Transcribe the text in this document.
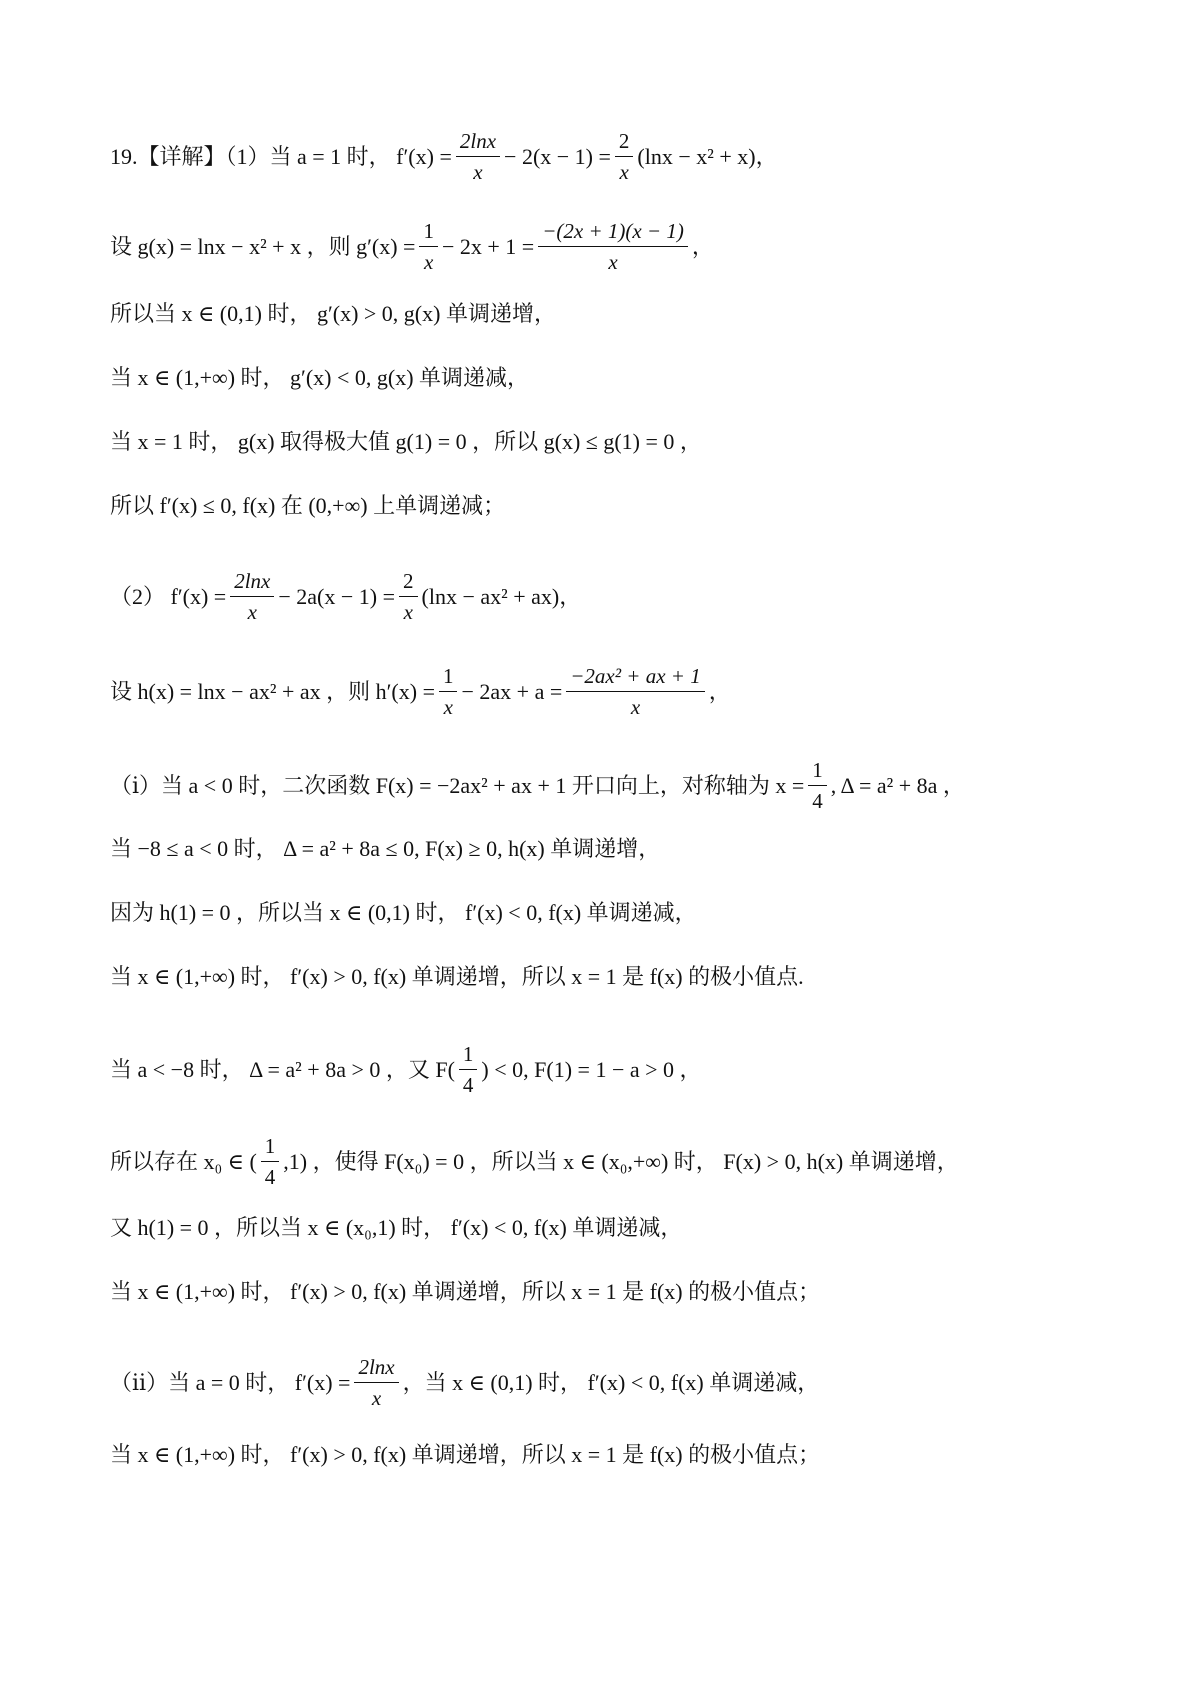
19.【详解】（1）当 a = 1 时， $f'(x) = \frac{2\ln x}{x} - 2(x - 1) = \frac{2}{x} (\ln x - x^2 + x)$，
设 g(x) = lnx − x² + x ，则 $g'(x) = \frac{1}{x} - 2x + 1 = \frac{-(2x + 1)(x - 1)}{x}$ ，
所以当 x ∈ (0,1) 时， g′(x) > 0, g(x) 单调递增，
当 x ∈ (1,+∞) 时， g′(x) < 0, g(x) 单调递减，
当 x = 1 时， g(x) 取得极大值 g(1) = 0 ，所以 g(x) ≤ g(1) = 0 ，
所以 f′(x) ≤ 0, f(x) 在 (0,+∞) 上单调递减；
（2） $f'(x) = \frac{2\ln x}{x} - 2a(x - 1) = \frac{2}{x} (\ln x - ax^2 + ax)$，
设 h(x) = lnx − ax² + ax ，则 $h'(x) = \frac{1}{x} - 2ax + a = \frac{\text{−2ax² + ax + 1}}{x}$ ，
（ⅰ）当 a < 0 时，二次函数 F(x) = −2ax² + ax + 1 开口向上，对称轴为 $x = \frac{1}{4}$ , Δ = a² + 8a ，
当 −8 ≤ a < 0 时， Δ = a² + 8a ≤ 0, F(x) ≥ 0, h(x) 单调递增，
因为 h(1) = 0 ，所以当 x ∈ (0,1) 时， f′(x) < 0, f(x) 单调递减，
当 x ∈ (1,+∞) 时， f′(x) > 0, f(x) 单调递增，所以 x = 1 是 f(x) 的极小值点.
当 a < −8 时， Δ = a² + 8a > 0 ，又 $F( \frac{1}{4}$ ) < 0, F(1) = 1 − a > 0 ，
所以存在 x₀ ∈ ( $\frac{1}{4} ,1$) ，使得 F(x₀) = 0 ，所以当 x ∈ (x₀,+∞) 时， F(x) > 0, h(x) 单调递增，
又 h(1) = 0 ，所以当 x ∈ (x₀,1) 时， f′(x) < 0, f(x) 单调递减，
当 x ∈ (1,+∞) 时， f′(x) > 0, f(x) 单调递增，所以 x = 1 是 f(x) 的极小值点；
（ⅱ）当 a = 0 时， $f'(x) = \frac{2\ln x}{x}$ ，当 x ∈ (0,1) 时， f′(x) < 0, f(x) 单调递减，
当 x ∈ (1,+∞) 时， f′(x) > 0, f(x) 单调递增，所以 x = 1 是 f(x) 的极小值点；
